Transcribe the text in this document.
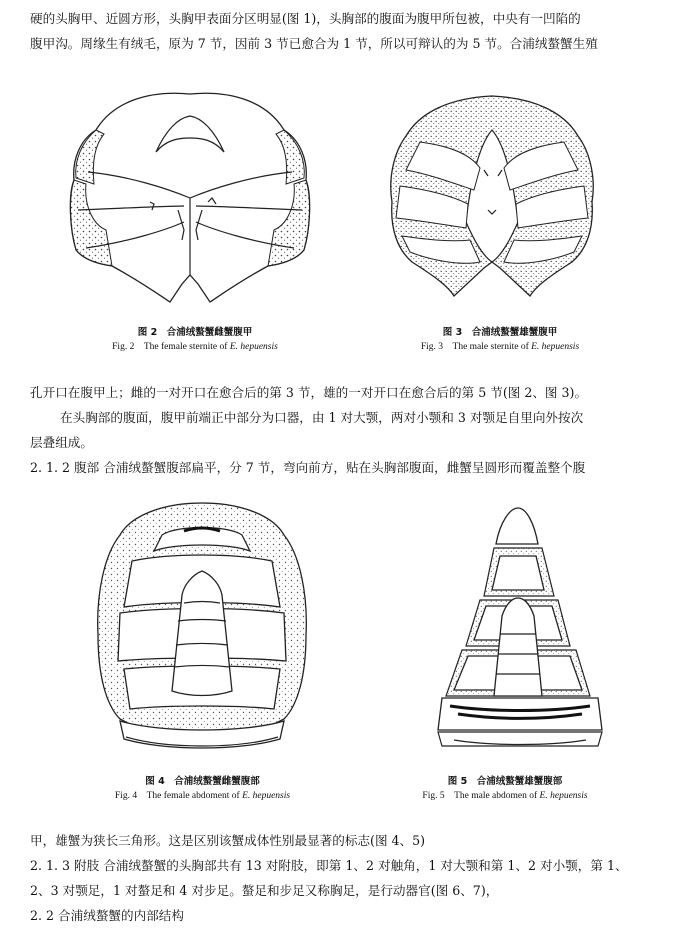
硬的头胸甲、近圆方形，头胸甲表面分区明显(图 1)，头胸部的腹面为腹甲所包被，中央有一凹陷的

腹甲沟。周缘生有绒毛，原为 7 节，因前 3 节已愈合为 1 节，所以可辩认的为 5 节。合浦绒螯蟹生殖

图 2　合浦绒螯蟹雌蟹腹甲
Fig. 2　The female sternite of E. hepuensis
图 3　合浦绒螯蟹雄蟹腹甲
Fig. 3　The male sternite of E. hepuensis

孔开口在腹甲上；雌的一对开口在愈合后的第 3 节，雄的一对开口在愈合后的第 5 节(图 2、图 3)。

在头胸部的腹面，腹甲前端正中部分为口器，由 1 对大颚，两对小颚和 3 对颚足自里向外按次

层叠组成。

2. 1. 2 腹部 合浦绒螯蟹腹部扁平，分 7 节，弯向前方，贴在头胸部腹面，雌蟹呈圆形而覆盖整个腹

图 4　合浦绒螯蟹雌蟹腹部
Fig. 4　The female abdoment of E. hepuensis
图 5　合浦绒螯蟹雄蟹腹部
Fig. 5　The male abdomen of E. hepuensis

甲，雄蟹为狭长三角形。这是区别该蟹成体性别最显著的标志(图 4、5)

2. 1. 3 附肢 合浦绒螯蟹的头胸部共有 13 对附肢，即第 1、2 对触角，1 对大颚和第 1、2 对小颚，第 1、

2、3 对颚足，1 对螯足和 4 对步足。螯足和步足又称胸足，是行动器官(图 6、7)，

2. 2 合浦绒螯蟹的内部结构
